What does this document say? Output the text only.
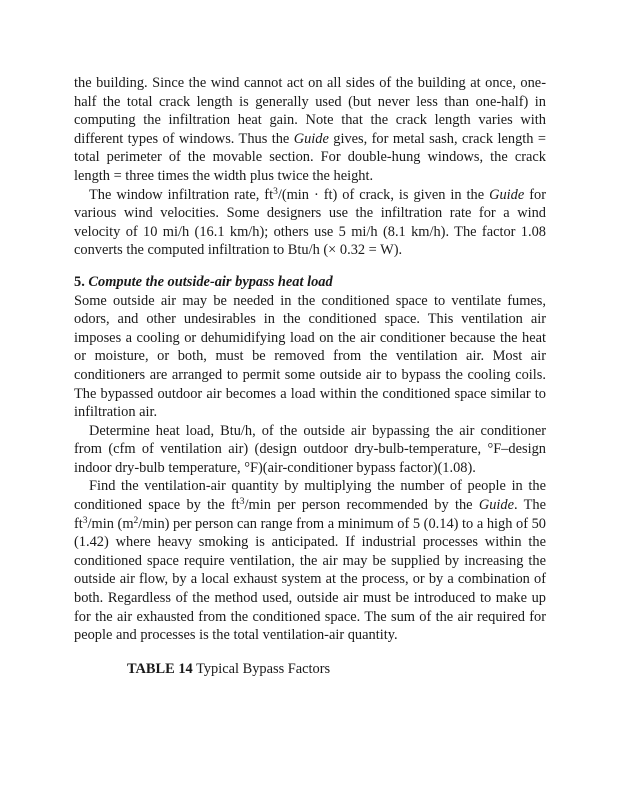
the building. Since the wind cannot act on all sides of the building at once, one-half the total crack length is generally used (but never less than one-half) in computing the infiltration heat gain. Note that the crack length varies with different types of windows. Thus the Guide gives, for metal sash, crack length = total perimeter of the movable section. For double-hung windows, the crack length = three times the width plus twice the height.

The window infiltration rate, $ft^3/(\min \cdot ft)$ of crack, is given in the Guide for various wind velocities. Some designers use the infiltration rate for a wind velocity of 10 mi/h (16.1 km/h); others use 5 mi/h (8.1 km/h). The factor 1.08 converts the computed infiltration to Btu/h (× 0.32 = W).

5. Compute the outside-air bypass heat load

Some outside air may be needed in the conditioned space to ventilate fumes, odors, and other undesirables in the conditioned space. This ventilation air imposes a cooling or dehumidifying load on the air conditioner because the heat or moisture, or both, must be removed from the ventilation air. Most air conditioners are arranged to permit some outside air to bypass the cooling coils. The bypassed outdoor air becomes a load within the conditioned space similar to infiltration air.

Determine heat load, Btu/h, of the outside air bypassing the air conditioner from (cfm of ventilation air) (design outdoor dry-bulb-temperature, °F–design indoor dry-bulb temperature, °F)(air-conditioner bypass factor)(1.08).

Find the ventilation-air quantity by multiplying the number of people in the conditioned space by the $ft^3/\min$ per person recommended by the Guide. The $ft^3/\min$ $(m^2/\min)$ per person can range from a minimum of 5 (0.14) to a high of 50 (1.42) where heavy smoking is anticipated. If industrial processes within the conditioned space require ventilation, the air may be supplied by increasing the outside air flow, by a local exhaust system at the process, or by a combination of both. Regardless of the method used, outside air must be introduced to make up for the air exhausted from the conditioned space. The sum of the air required for people and processes is the total ventilation-air quantity.

TABLE 14 Typical Bypass Factors
